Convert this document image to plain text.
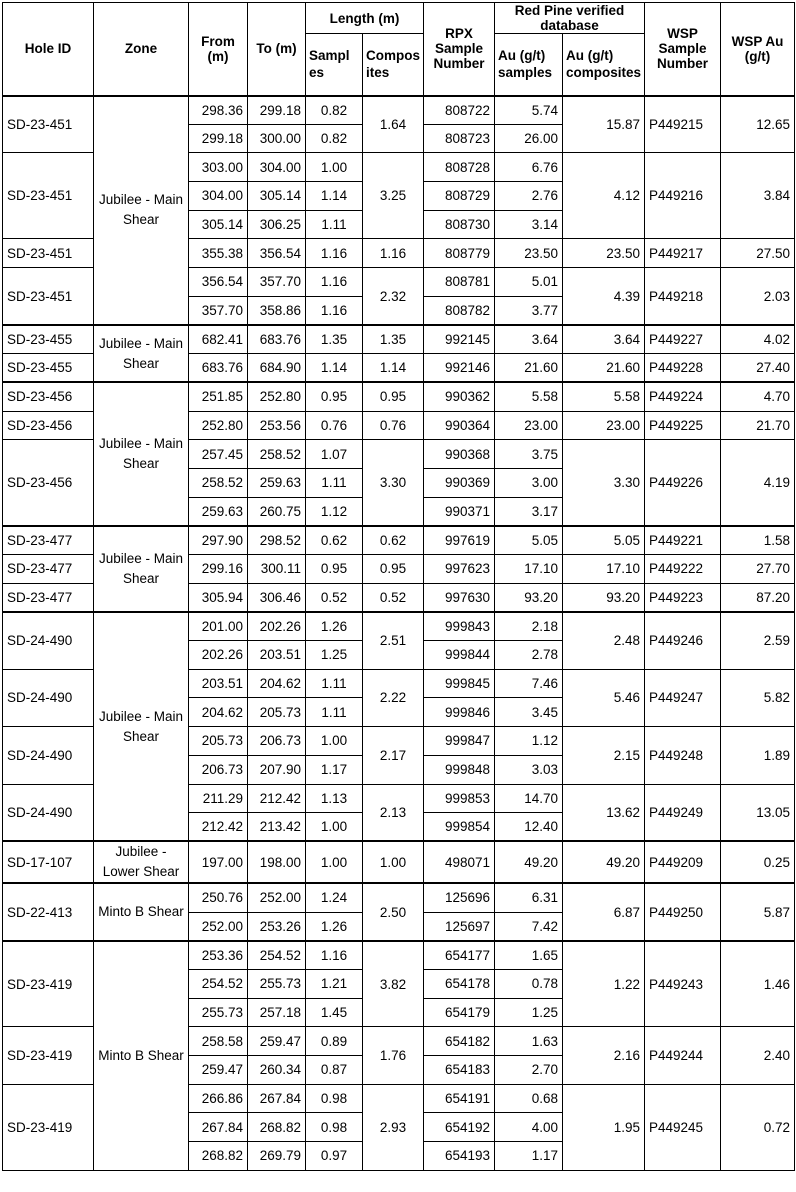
Hole ID	Zone	From (m)	To (m)	Length (m)		RPX Sample Number	Red Pine verified database		WSP Sample Number	WSP Au (g/t)
				Sampl es	Compos ites		Au (g/t) samples	Au (g/t) composites		
SD-23-451	Jubilee - Main Shear	298.36	299.18	0.82	1.64	808722	5.74	15.87	P449215	12.65
		299.18	300.00	0.82		808723	26.00			
SD-23-451		303.00	304.00	1.00	3.25	808728	6.76	4.12	P449216	3.84
		304.00	305.14	1.14		808729	2.76			
		305.14	306.25	1.11		808730	3.14			
SD-23-451		355.38	356.54	1.16	1.16	808779	23.50	23.50	P449217	27.50
SD-23-451		356.54	357.70	1.16	2.32	808781	5.01	4.39	P449218	2.03
		357.70	358.86	1.16		808782	3.77			
SD-23-455	Jubilee - Main Shear	682.41	683.76	1.35	1.35	992145	3.64	3.64	P449227	4.02
SD-23-455		683.76	684.90	1.14	1.14	992146	21.60	21.60	P449228	27.40
SD-23-456	Jubilee - Main Shear	251.85	252.80	0.95	0.95	990362	5.58	5.58	P449224	4.70
SD-23-456		252.80	253.56	0.76	0.76	990364	23.00	23.00	P449225	21.70
SD-23-456		257.45	258.52	1.07	3.30	990368	3.75	3.30	P449226	4.19
		258.52	259.63	1.11		990369	3.00			
		259.63	260.75	1.12		990371	3.17			
SD-23-477	Jubilee - Main Shear	297.90	298.52	0.62	0.62	997619	5.05	5.05	P449221	1.58
SD-23-477		299.16	300.11	0.95	0.95	997623	17.10	17.10	P449222	27.70
SD-23-477		305.94	306.46	0.52	0.52	997630	93.20	93.20	P449223	87.20
SD-24-490	Jubilee - Main Shear	201.00	202.26	1.26	2.51	999843	2.18	2.48	P449246	2.59
		202.26	203.51	1.25		999844	2.78			
SD-24-490		203.51	204.62	1.11	2.22	999845	7.46	5.46	P449247	5.82
		204.62	205.73	1.11		999846	3.45			
SD-24-490		205.73	206.73	1.00	2.17	999847	1.12	2.15	P449248	1.89
		206.73	207.90	1.17		999848	3.03			
SD-24-490		211.29	212.42	1.13	2.13	999853	14.70	13.62	P449249	13.05
		212.42	213.42	1.00		999854	12.40			
SD-17-107	Jubilee - Lower Shear	197.00	198.00	1.00	1.00	498071	49.20	49.20	P449209	0.25
SD-22-413	Minto B Shear	250.76	252.00	1.24	2.50	125696	6.31	6.87	P449250	5.87
		252.00	253.26	1.26		125697	7.42			
SD-23-419	Minto B Shear	253.36	254.52	1.16	3.82	654177	1.65	1.22	P449243	1.46
		254.52	255.73	1.21		654178	0.78			
		255.73	257.18	1.45		654179	1.25			
SD-23-419		258.58	259.47	0.89	1.76	654182	1.63	2.16	P449244	2.40
		259.47	260.34	0.87		654183	2.70			
SD-23-419		266.86	267.84	0.98	2.93	654191	0.68	1.95	P449245	0.72
		267.84	268.82	0.98		654192	4.00			
		268.82	269.79	0.97		654193	1.17			
